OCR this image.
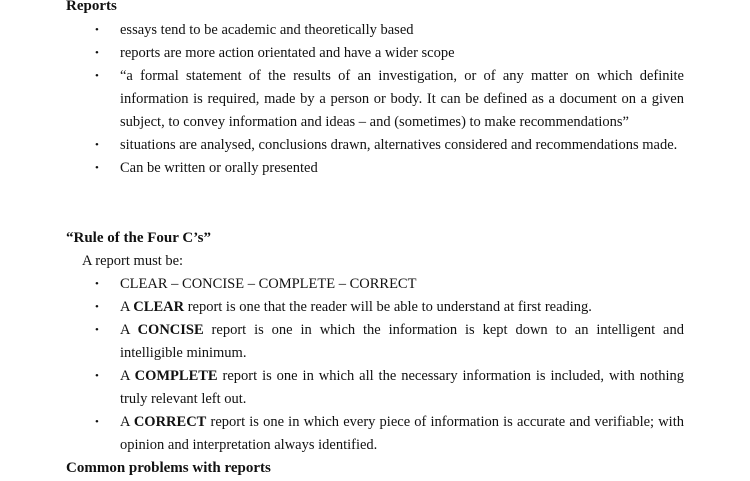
Reports
• essays tend to be academic and theoretically based
• reports are more action orientated and have a wider scope
• “a formal statement of the results of an investigation, or of any matter on which definite information is required, made by a person or body. It can be defined as a document on a given subject, to convey information and ideas – and (sometimes) to make recommendations”
• situations are analysed, conclusions drawn, alternatives considered and recommendations made.
• Can be written or orally presented
“Rule of the Four C’s”
A report must be:
• CLEAR – CONCISE – COMPLETE – CORRECT
• A CLEAR report is one that the reader will be able to understand at first reading.
• A CONCISE report is one in which the information is kept down to an intelligent and intelligible minimum.
• A COMPLETE report is one in which all the necessary information is included, with nothing truly relevant left out.
• A CORRECT report is one in which every piece of information is accurate and verifiable; with opinion and interpretation always identified.
Common problems with reports
